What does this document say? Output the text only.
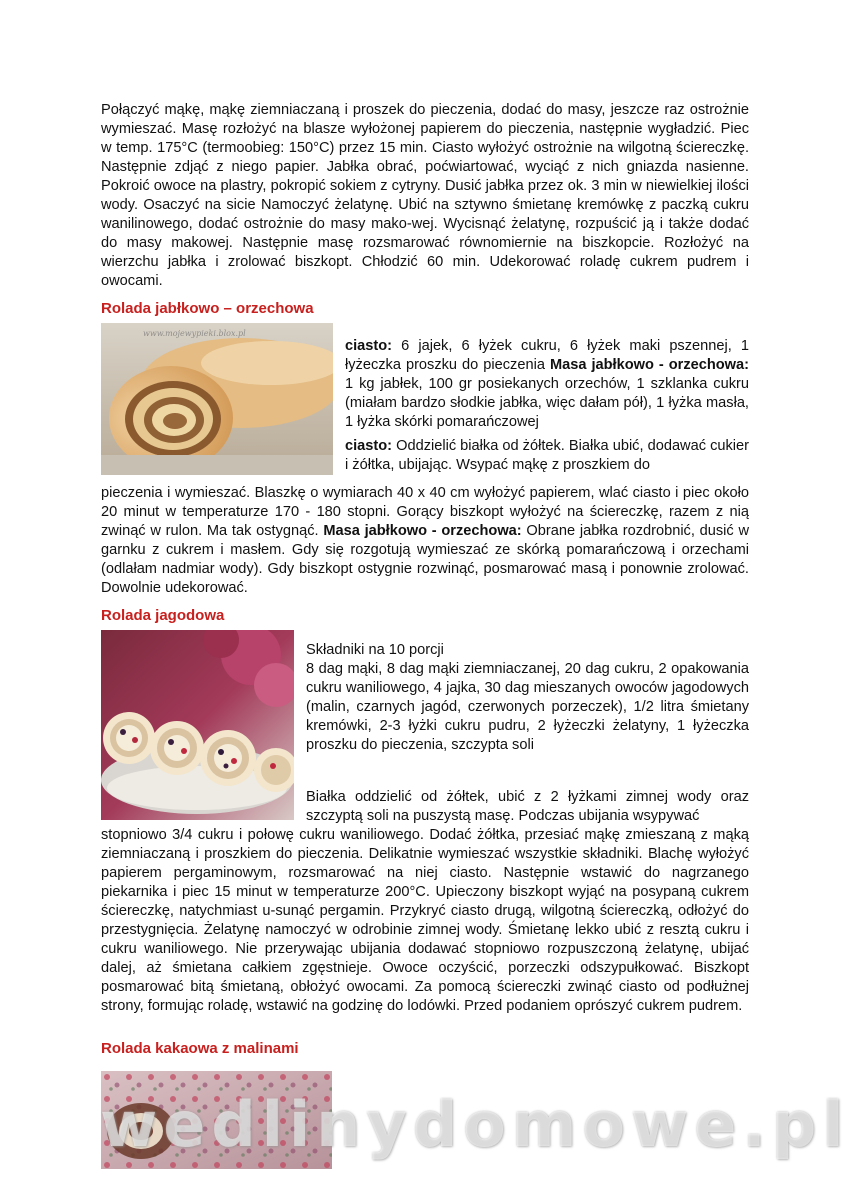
Połączyć mąkę, mąkę ziemniaczaną i proszek do pieczenia, dodać do masy, jeszcze raz ostrożnie wymieszać. Masę rozłożyć na blasze wyłożonej papierem do pieczenia, następnie wygładzić. Piec w temp. 175°C (termoobieg: 150°C) przez 15 min. Ciasto wyłożyć ostrożnie na wilgotną ściereczkę. Następnie zdjąć z niego papier. Jabłka obrać, poćwiartować, wyciąć z nich gniazda nasienne. Pokroić owoce na plastry, pokropić sokiem z cytryny. Dusić jabłka przez ok. 3 min w niewielkiej ilości wody. Osaczyć na sicie Namoczyć żelatynę. Ubić na sztywno śmietanę kremówkę z paczką cukru wanilinowego, dodać ostrożnie do masy mako-wej. Wycisnąć żelatynę, rozpuścić ją i także dodać do masy makowej. Następnie masę rozsmarować równomiernie na biszkopcie. Rozłożyć na wierzchu jabłka i zrolować biszkopt. Chłodzić 60 min. Udekorować roladę cukrem pudrem i owocami.

Rolada jabłkowo – orzechowa
www.mojewypieki.blox.pl

ciasto: 6 jajek, 6 łyżek cukru, 6 łyżek maki pszennej, 1 łyżeczka proszku do pieczenia Masa jabłkowo - orzechowa: 1 kg jabłek, 100 gr posiekanych orzechów, 1 szklanka cukru (miałam bardzo słodkie jabłka, więc dałam pół), 1 łyżka masła, 1 łyżka skórki pomarańczowej

ciasto: Oddzielić białka od żółtek. Białka ubić, dodawać cukier i żółtka, ubijając. Wsypać mąkę z proszkiem do

pieczenia i wymieszać. Blaszkę o wymiarach 40 x 40 cm wyłożyć papierem, wlać ciasto i piec około 20 minut w temperaturze 170 - 180 stopni. Gorący biszkopt wyłożyć na ściereczkę, razem z nią zwinąć w rulon. Ma tak ostygnąć. Masa jabłkowo - orzechowa: Obrane jabłka rozdrobnić, dusić w garnku z cukrem i masłem. Gdy się rozgotują wymieszać ze skórką pomarańczową i orzechami (odlałam nadmiar wody). Gdy biszkopt ostygnie rozwinąć, posmarować masą i ponownie zrolować. Dowolnie udekorować.

Rolada jagodowa

Składniki na 10 porcji

8 dag mąki, 8 dag mąki ziemniaczanej, 20 dag cukru, 2 opakowania cukru waniliowego, 4 jajka, 30 dag mieszanych owoców jagodowych (malin, czarnych jagód, czerwonych porzeczek), 1/2 litra śmietany kremówki, 2-3 łyżki cukru pudru, 2 łyżeczki żelatyny, 1 łyżeczka proszku do pieczenia, szczypta soli

Białka oddzielić od żółtek, ubić z 2 łyżkami zimnej wody oraz szczyptą soli na puszystą masę. Podczas ubijania wsypywać

stopniowo 3/4 cukru i połowę cukru waniliowego. Dodać żółtka, przesiać mąkę zmieszaną z mąką ziemniaczaną i proszkiem do pieczenia. Delikatnie wymieszać wszystkie składniki. Blachę wyłożyć papierem pergaminowym, rozsmarować na niej ciasto. Następnie wstawić do nagrzanego piekarnika i piec 15 minut w temperaturze 200°C. Upieczony biszkopt wyjąć na posypaną cukrem ściereczkę, natychmiast u-sunąć pergamin. Przykryć ciasto drugą, wilgotną ściereczką, odłożyć do przestygnięcia. Żelatynę namoczyć w odrobinie zimnej wody. Śmietanę lekko ubić z resztą cukru i cukru waniliowego. Nie przerywając ubijania dodawać stopniowo rozpuszczoną żelatynę, ubijać dalej, aż śmietana całkiem zgęstnieje. Owoce oczyścić, porzeczki odszypułkować. Biszkopt posmarować bitą śmietaną, obłożyć owocami. Za pomocą ściereczki zwinąć ciasto od podłużnej strony, formując roladę, wstawić na godzinę do lodówki. Przed podaniem oprószyć cukrem pudrem.

Rolada kakaowa z malinami
wedlinydomowe.pl
